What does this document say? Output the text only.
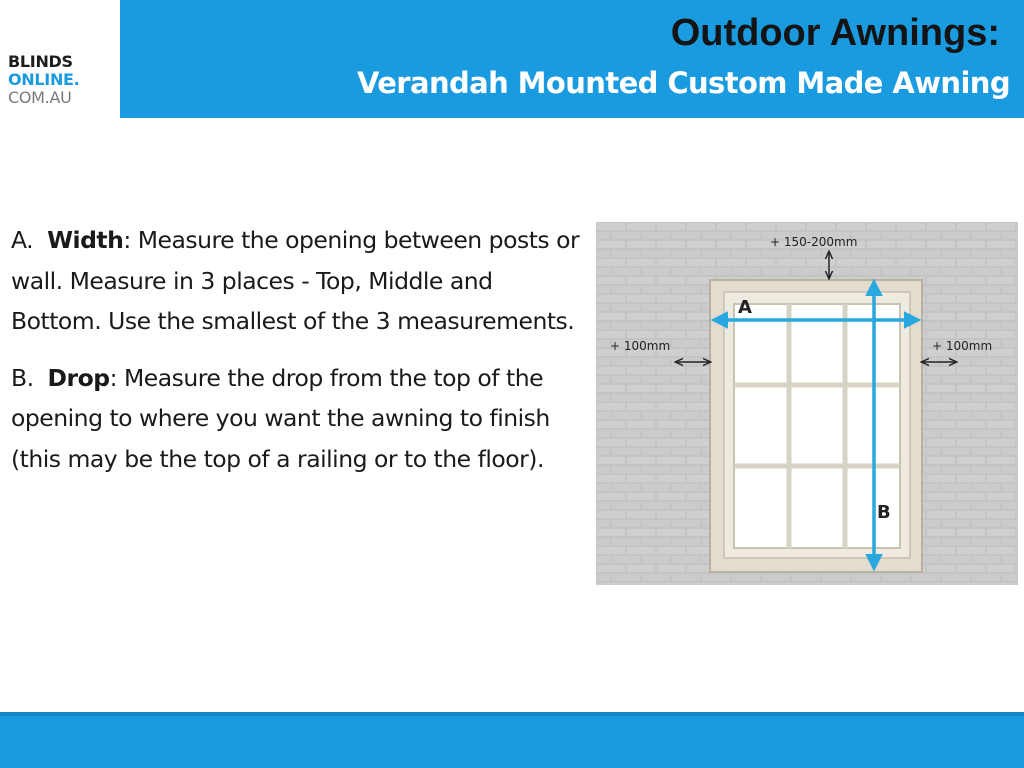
BLINDS
ONLINE.
COM.AU
Outdoor Awnings:
Verandah Mounted Custom Made Awning

A. Width: Measure the opening between posts or wall. Measure in 3 places - Top, Middle and Bottom. Use the smallest of the 3 measurements.

B. Drop: Measure the drop from the top of the opening to where you want the awning to finish (this may be the top of a railing or to the floor).

+ 150-200mm
+ 100mm	+ 100mm
A
B
